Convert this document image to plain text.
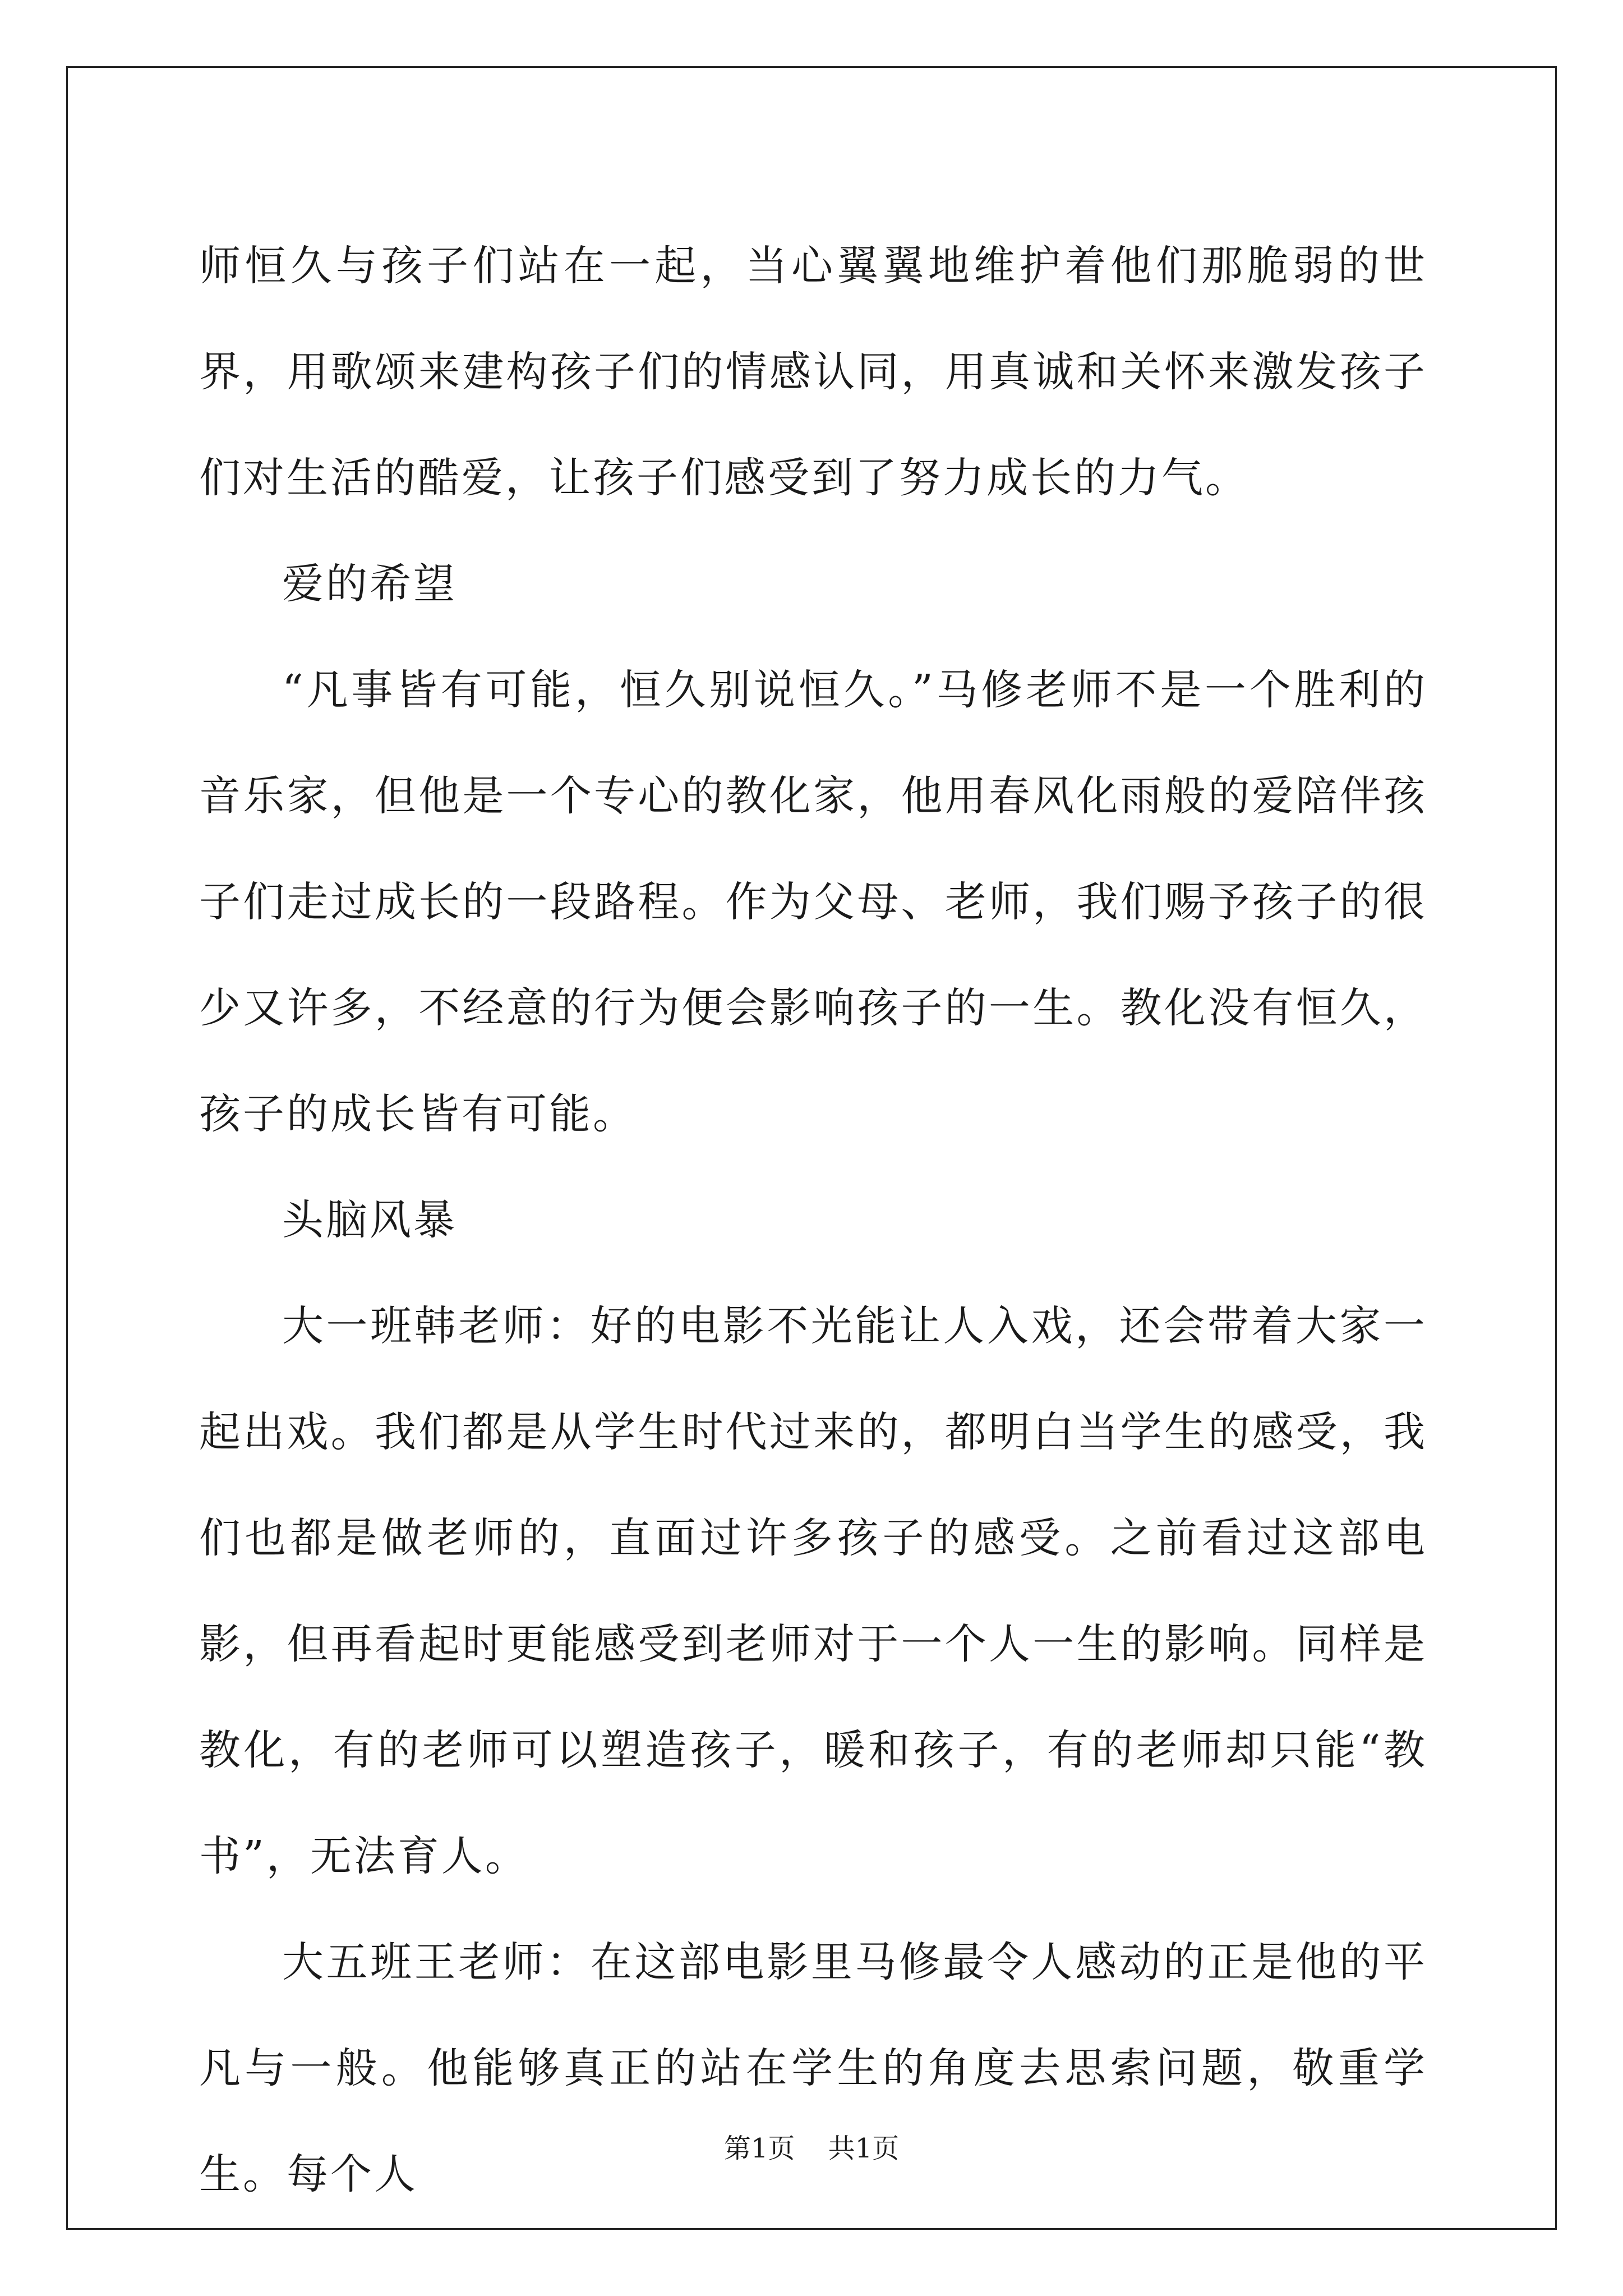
师恒久与孩子们站在一起，当心翼翼地维护着他们那脆弱的世界，用歌颂来建构孩子们的情感认同，用真诚和关怀来激发孩子们对生活的酷爱，让孩子们感受到了努力成长的力气。

爱的希望

“凡事皆有可能，恒久别说恒久。”马修老师不是一个胜利的音乐家，但他是一个专心的教化家，他用春风化雨般的爱陪伴孩子们走过成长的一段路程。作为父母、老师，我们赐予孩子的很少又许多，不经意的行为便会影响孩子的一生。教化没有恒久，孩子的成长皆有可能。

头脑风暴

大一班韩老师：好的电影不光能让人入戏，还会带着大家一起出戏。我们都是从学生时代过来的，都明白当学生的感受，我们也都是做老师的，直面过许多孩子的感受。之前看过这部电影，但再看起时更能感受到老师对于一个人一生的影响。同样是教化，有的老师可以塑造孩子，暖和孩子，有的老师却只能“教书”，无法育人。

大五班王老师：在这部电影里马修最令人感动的正是他的平凡与一般。他能够真正的站在学生的角度去思索问题，敬重学生。每个人

第1页 共1页
